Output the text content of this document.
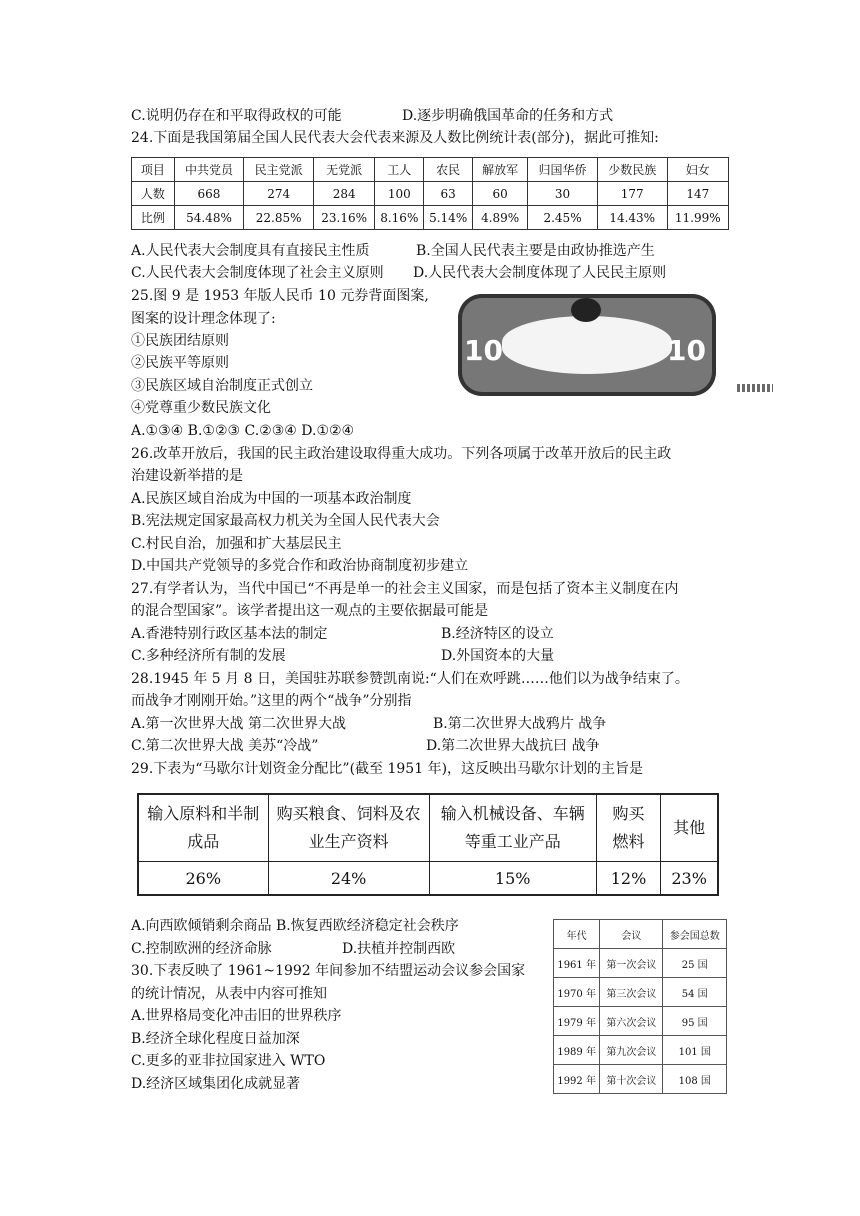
C.说明仍存在和平取得政权的可能	D.逐步明确俄国革命的任务和方式
24.下面是我国第届全国人民代表大会代表来源及人数比例统计表(部分)，据此可推知:
项目	中共党员	民主党派	无党派	工人	农民	解放军	归国华侨	少数民族	妇女
人数	668	274	284	100	63	60	30	177	147
比例	54.48%	22.85%	23.16%	8.16%	5.14%	4.89%	2.45%	14.43%	11.99%
A.人民代表大会制度具有直接民主性质	B.全国人民代表主要是由政协推选产生
C.人民代表大会制度体现了社会主义原则 D.人民代表大会制度体现了人民民主原则
25.图 9 是 1953 年版人民币 10 元券背面图案,
图案的设计理念体现了:
①民族团结原则
②民族平等原则
③民族区域自治制度正式创立
④党尊重少数民族文化
A.①③④ B.①②③ C.②③④ D.①②④
10	10
26.改革开放后，我国的民主政治建设取得重大成功。下列各项属于改革开放后的民主政
治建设新举措的是
A.民族区域自治成为中国的一项基本政治制度
B.宪法规定国家最高权力机关为全国人民代表大会
C.村民自治，加强和扩大基层民主
D.中国共产党领导的多党合作和政治协商制度初步建立
27.有学者认为，当代中国已“不再是单一的社会主义国家，而是包括了资本主义制度在内
的混合型国家”。该学者提出这一观点的主要依据最可能是
A.香港特别行政区基本法的制定	B.经济特区的设立
C.多种经济所有制的发展	D.外国资本的大量
28.1945 年 5 月 8 日，美国驻苏联参赞凯南说:“人们在欢呼跳……他们以为战争结束了。
而战争才刚刚开始。”这里的两个“战争”分别指
A.第一次世界大战 第二次世界大战	B.第二次世界大战鸦片 战争
C.第二次世界大战 美苏“冷战”	D.第二次世界大战抗曰 战争
29.下表为“马歇尔计划资金分配比”(截至 1951 年)，这反映出马歇尔计划的主旨是
输入原料和半制成品	购买粮食、饲料及农业生产资料	输入机械设备、车辆等重工业产品	购买燃料	其他
26%	24%	15%	12%	23%
A.向西欧倾销剩余商品 B.恢复西欧经济稳定社会秩序
C.控制欧洲的经济命脉	D.扶植并控制西欧
30.下表反映了 1961~1992 年间参加不结盟运动会议参会国家
的统计情况，从表中内容可推知
A.世界格局变化冲击旧的世界秩序
B.经济全球化程度日益加深
C.更多的亚非拉国家进入 WTO
D.经济区域集团化成就显著
年代	会议	参会国总数
1961 年	第一次会议	25 国
1970 年	第三次会议	54 国
1979 年	第六次会议	95 国
1989 年	第九次会议	101 国
1992 年	第十次会议	108 国
